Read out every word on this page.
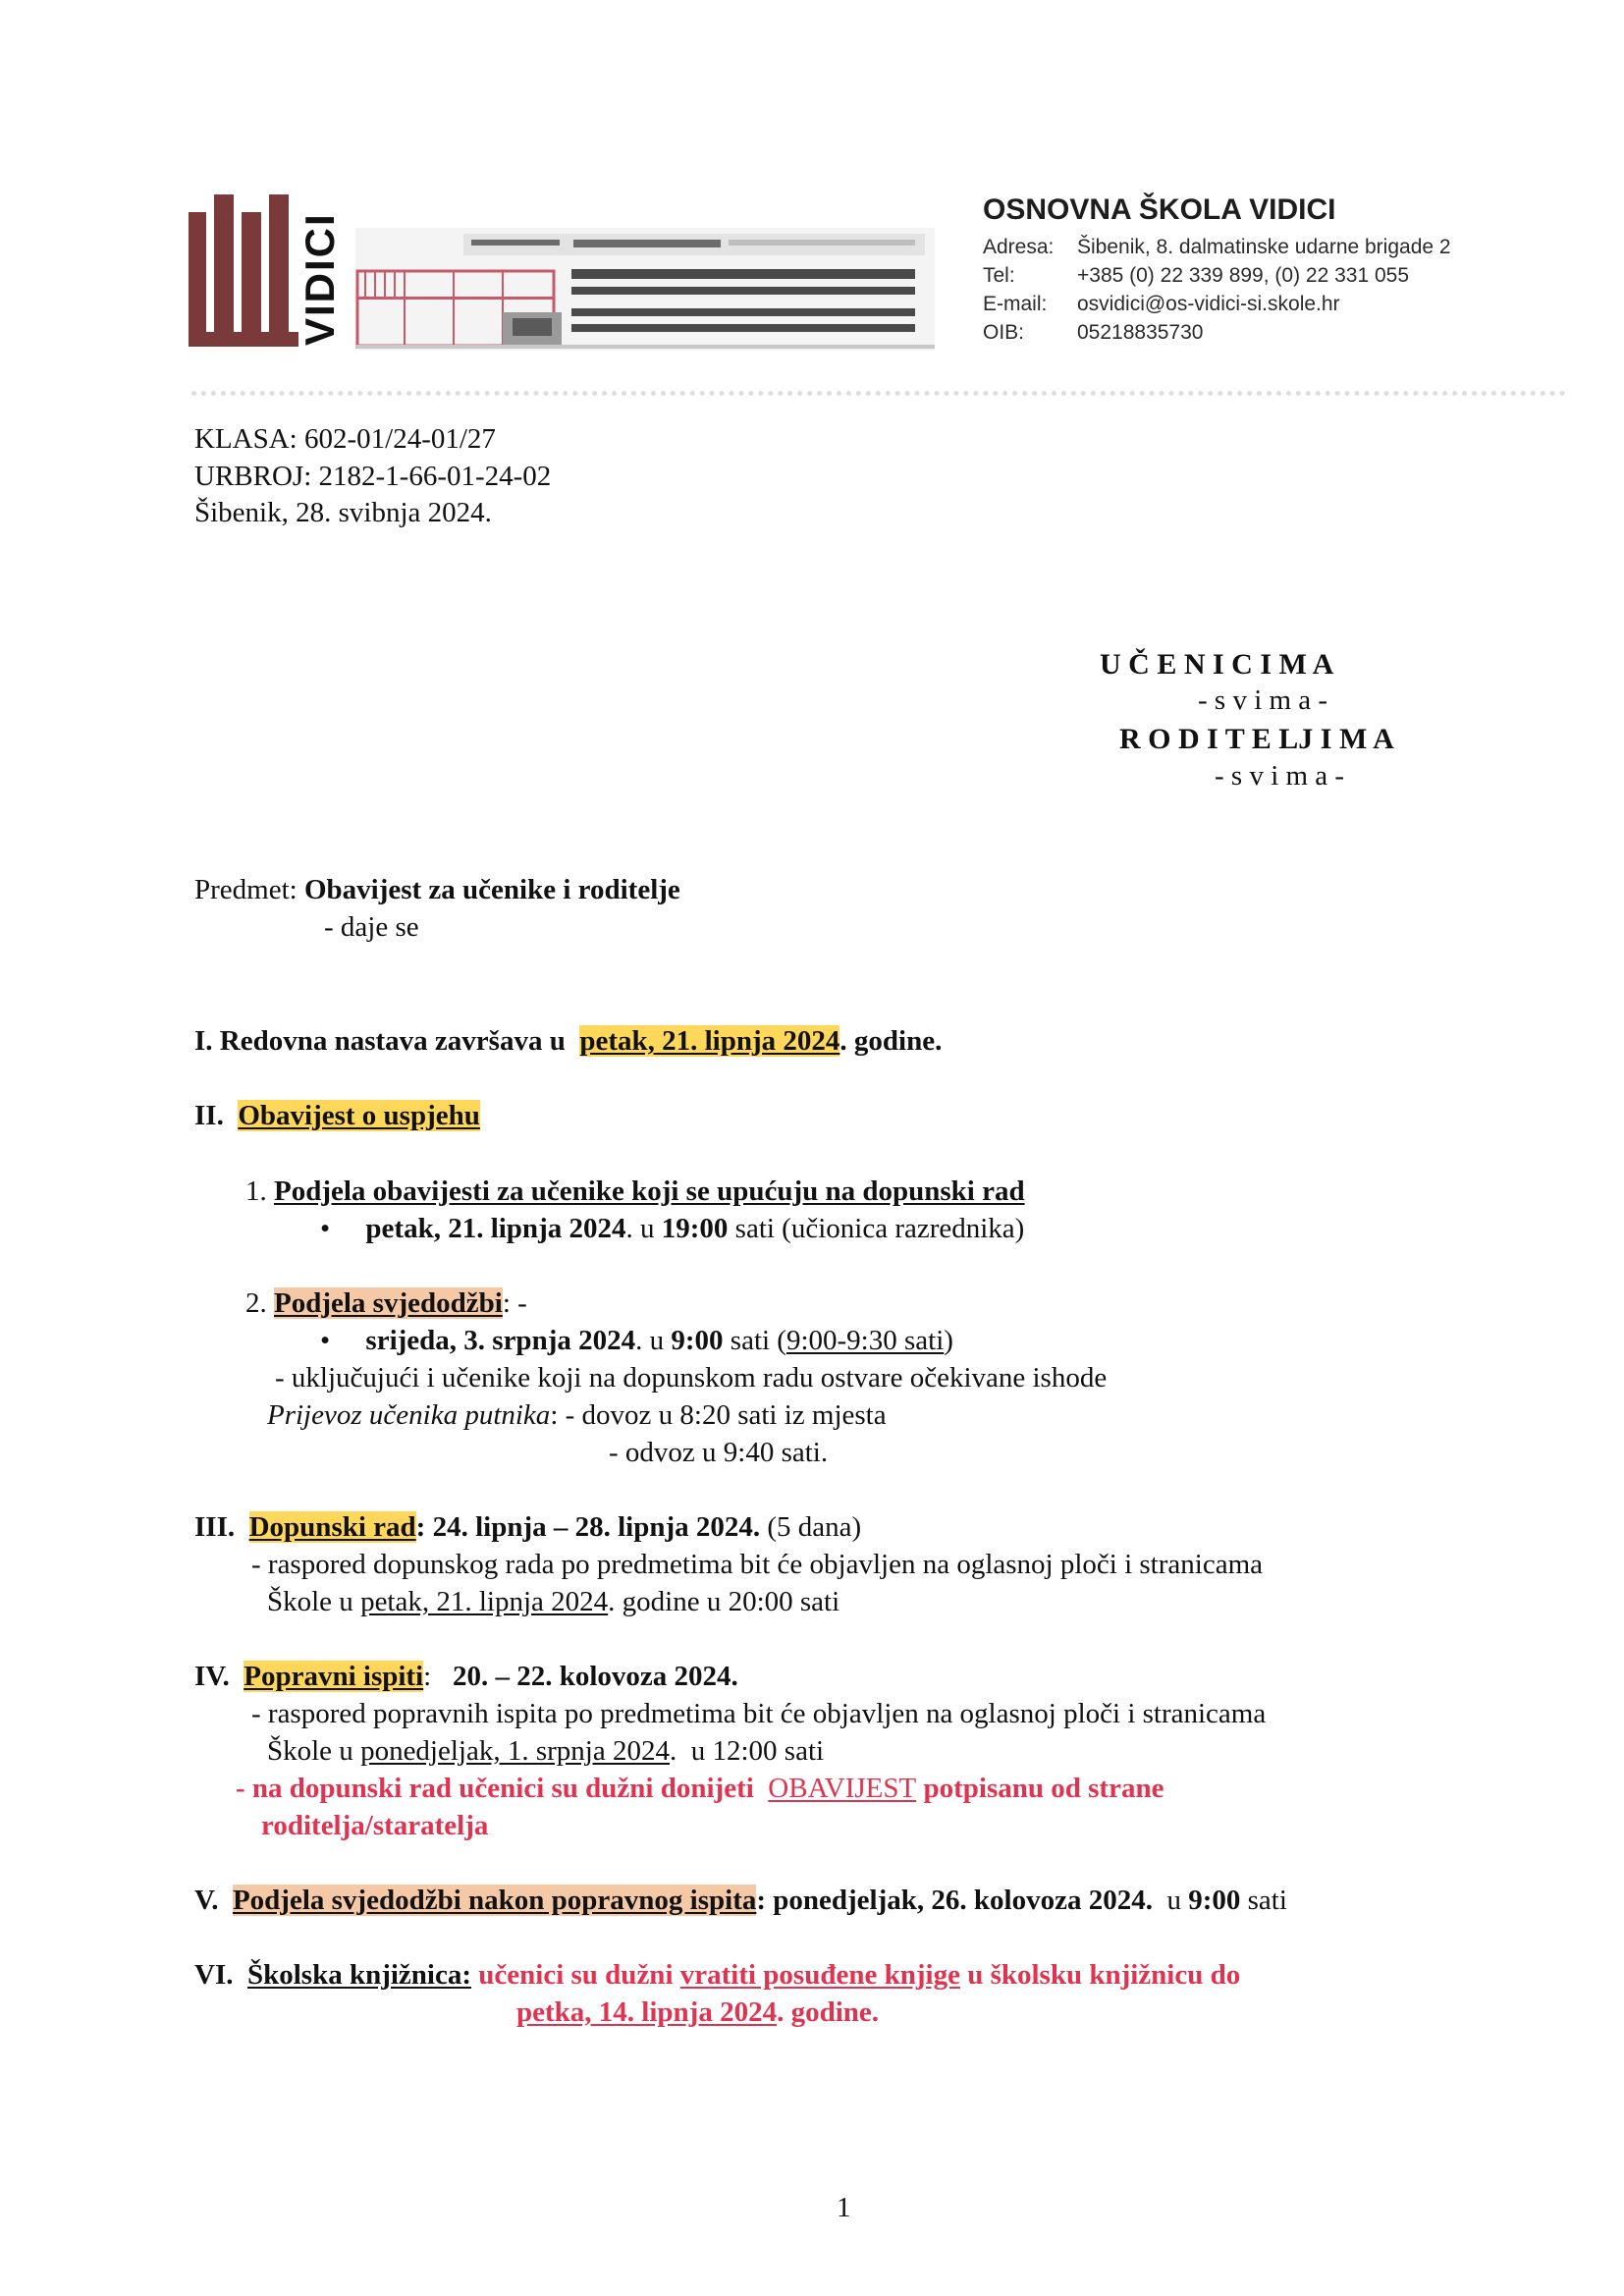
VIDICI
OSNOVNA ŠKOLA VIDICI
Adresa: Šibenik, 8. dalmatinske udarne brigade 2
Tel:	+385 (0) 22 339 899, (0) 22 331 055
E-mail: osvidici@os-vidici-si.skole.hr
OIB:	05218835730
KLASA: 602-01/24-01/27
URBROJ: 2182-1-66-01-24-02
Šibenik, 28. svibnja 2024.
U Č E N I C I M A
- s v i m a -
R O D I T E LJ I M A
- s v i m a -
Predmet: Obavijest za učenike i roditelje
- daje se
I. Redovna nastava završava u petak, 21. lipnja 2024. godine.
II. Obavijest o uspjehu
1. Podjela obavijesti za učenike koji se upućuju na dopunski rad
• petak, 21. lipnja 2024. u 19:00 sati (učionica razrednika)
2. Podjela svjedodžbi: -
• srijeda, 3. srpnja 2024. u 9:00 sati (9:00-9:30 sati)
- uključujući i učenike koji na dopunskom radu ostvare očekivane ishode
Prijevoz učenika putnika: - dovoz u 8:20 sati iz mjesta
- odvoz u 9:40 sati.
III. Dopunski rad: 24. lipnja – 28. lipnja 2024. (5 dana)
- raspored dopunskog rada po predmetima bit će objavljen na oglasnoj ploči i stranicama
Škole u petak, 21. lipnja 2024. godine u 20:00 sati
IV. Popravni ispiti:   20. – 22. kolovoza 2024.
- raspored popravnih ispita po predmetima bit će objavljen na oglasnoj ploči i stranicama
Škole u ponedjeljak, 1. srpnja 2024.  u 12:00 sati
- na dopunski rad učenici su dužni donijeti  OBAVIJEST potpisanu od strane
roditelja/staratelja
V. Podjela svjedodžbi nakon popravnog ispita: ponedjeljak, 26. kolovoza 2024.  u 9:00 sati
VI. Školska knjižnica: učenici su dužni vratiti posuđene knjige u školsku knjižnicu do
petka, 14. lipnja 2024. godine.
1
